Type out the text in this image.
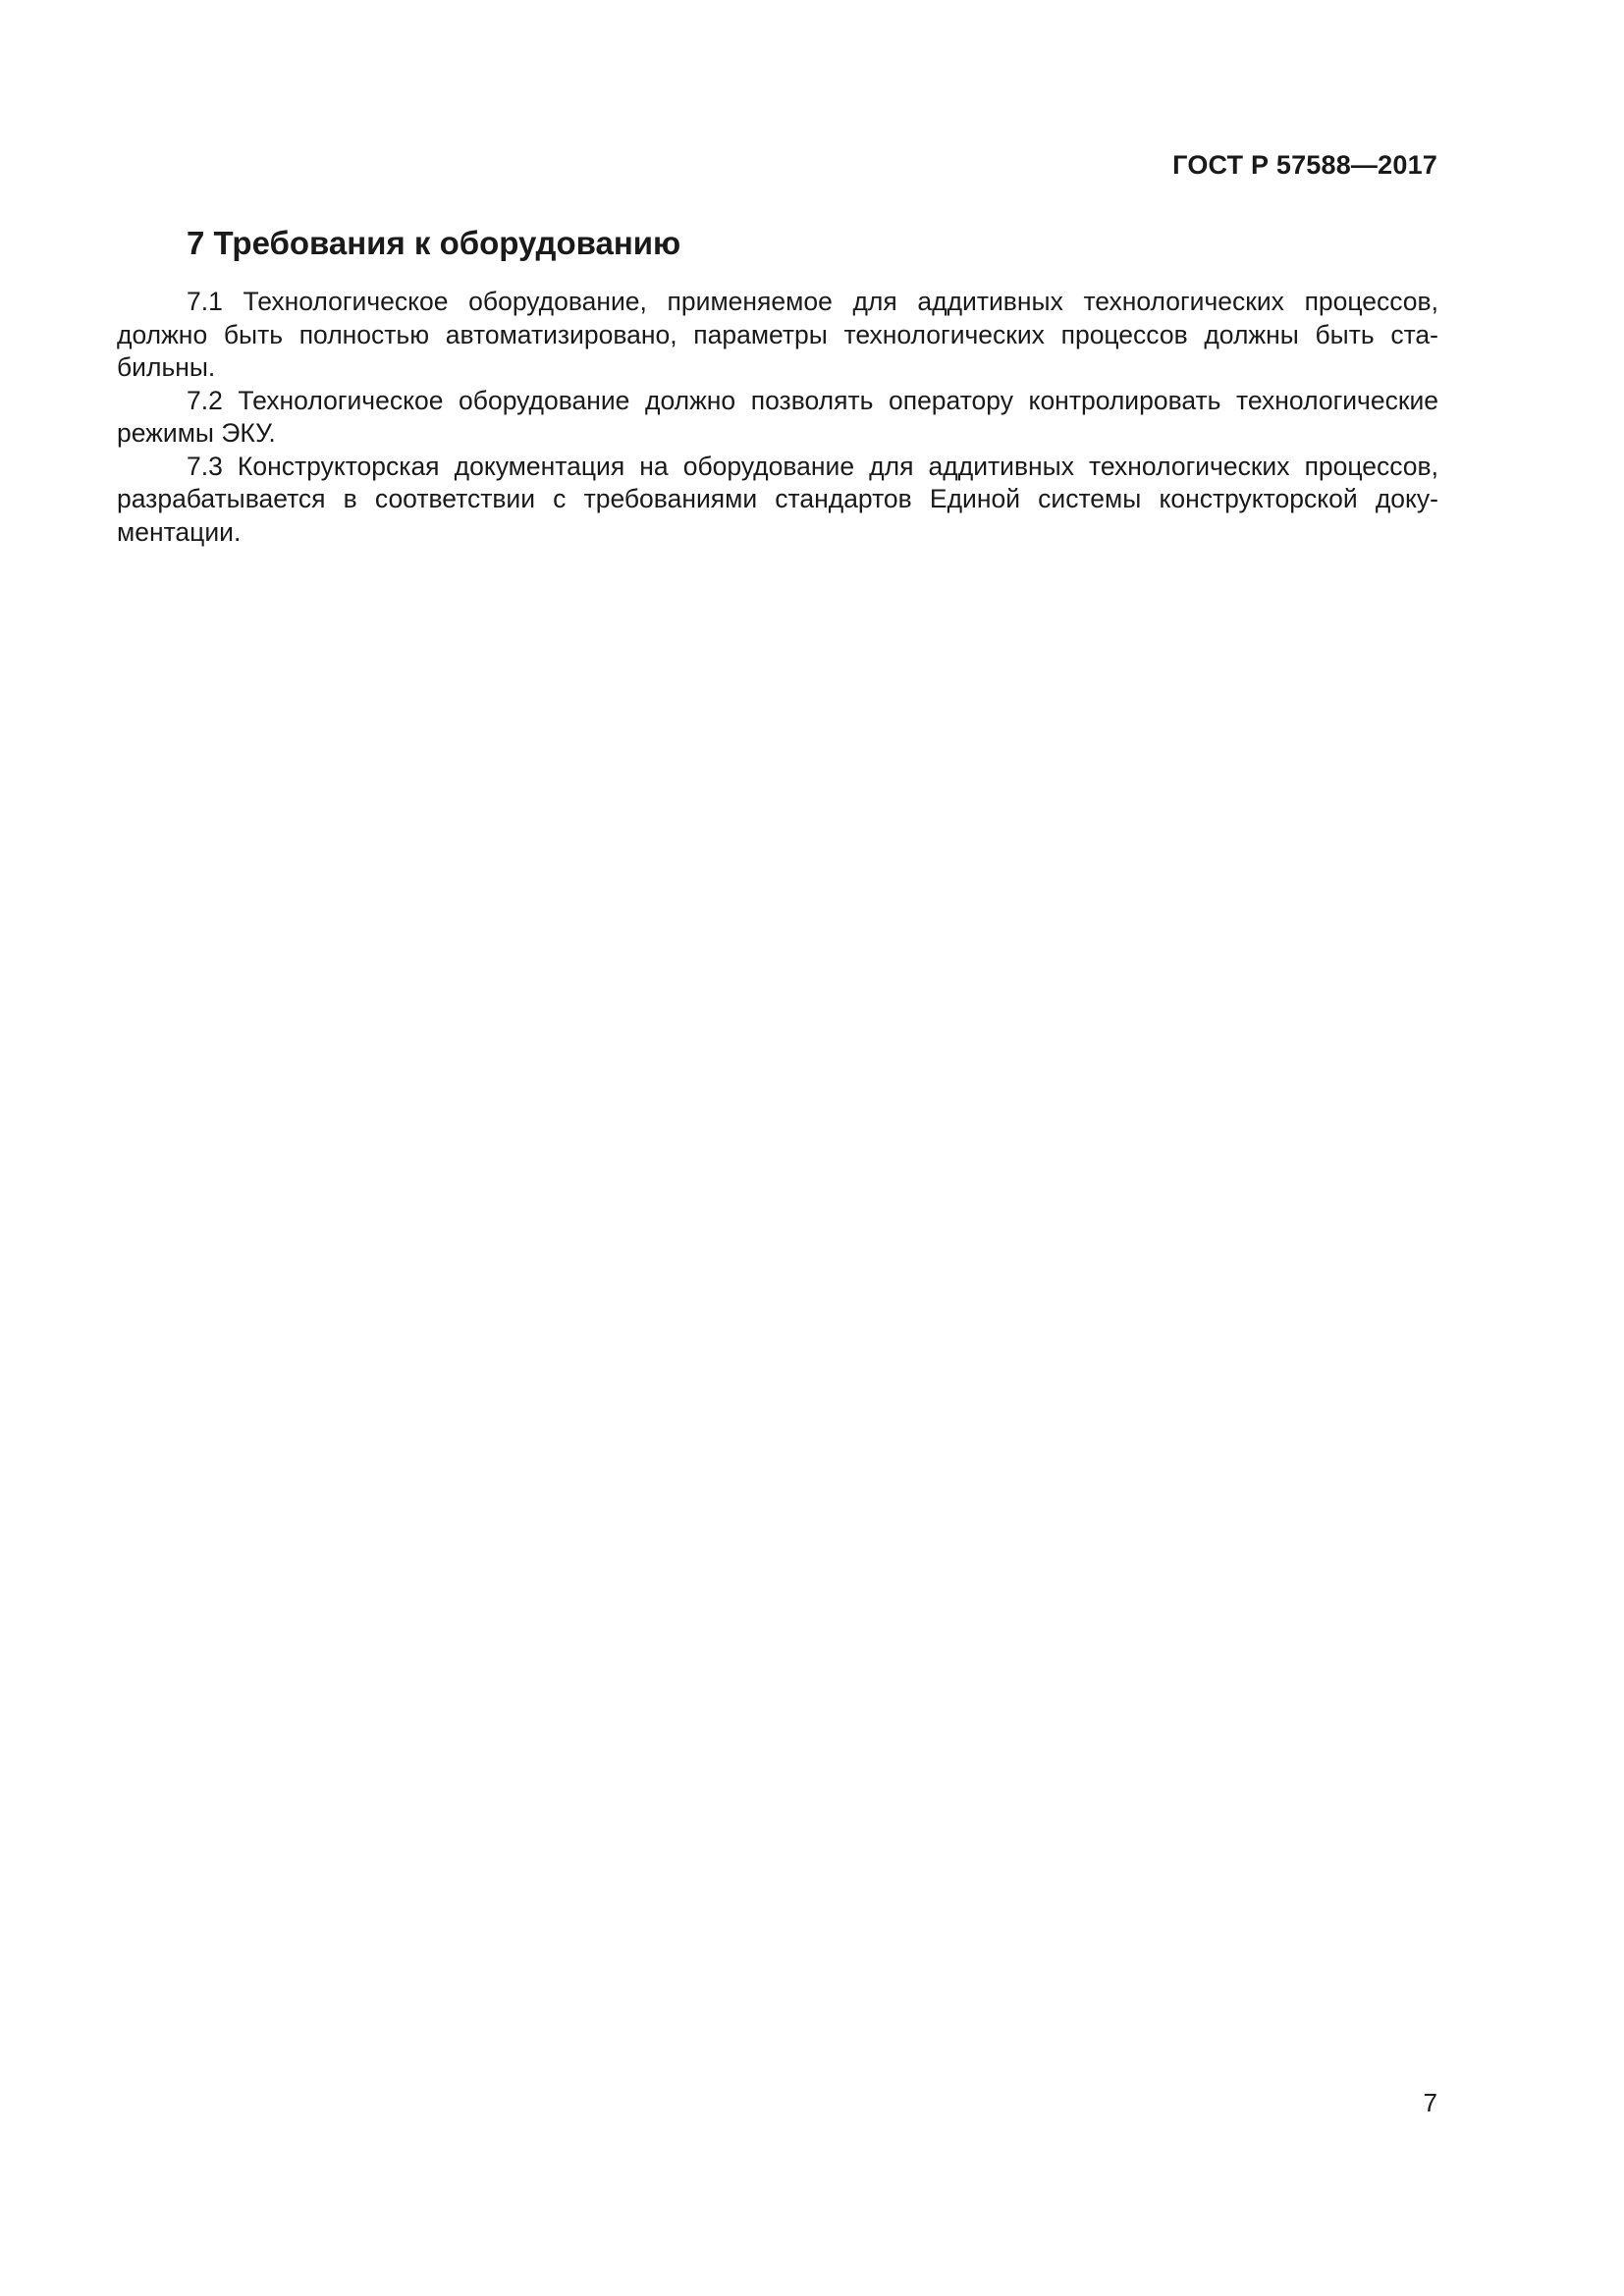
ГОСТ Р 57588—2017
7 Требования к оборудованию

7.1 Технологическое оборудование, применяемое для аддитивных технологических процессов, должно быть полностью автоматизировано, параметры технологических процессов должны быть стабильны.

7.2 Технологическое оборудование должно позволять оператору контролировать технологические режимы ЭКУ.

7.3 Конструкторская документация на оборудование для аддитивных технологических процессов, разрабатывается в соответствии с требованиями стандартов Единой системы конструкторской документации.

7
